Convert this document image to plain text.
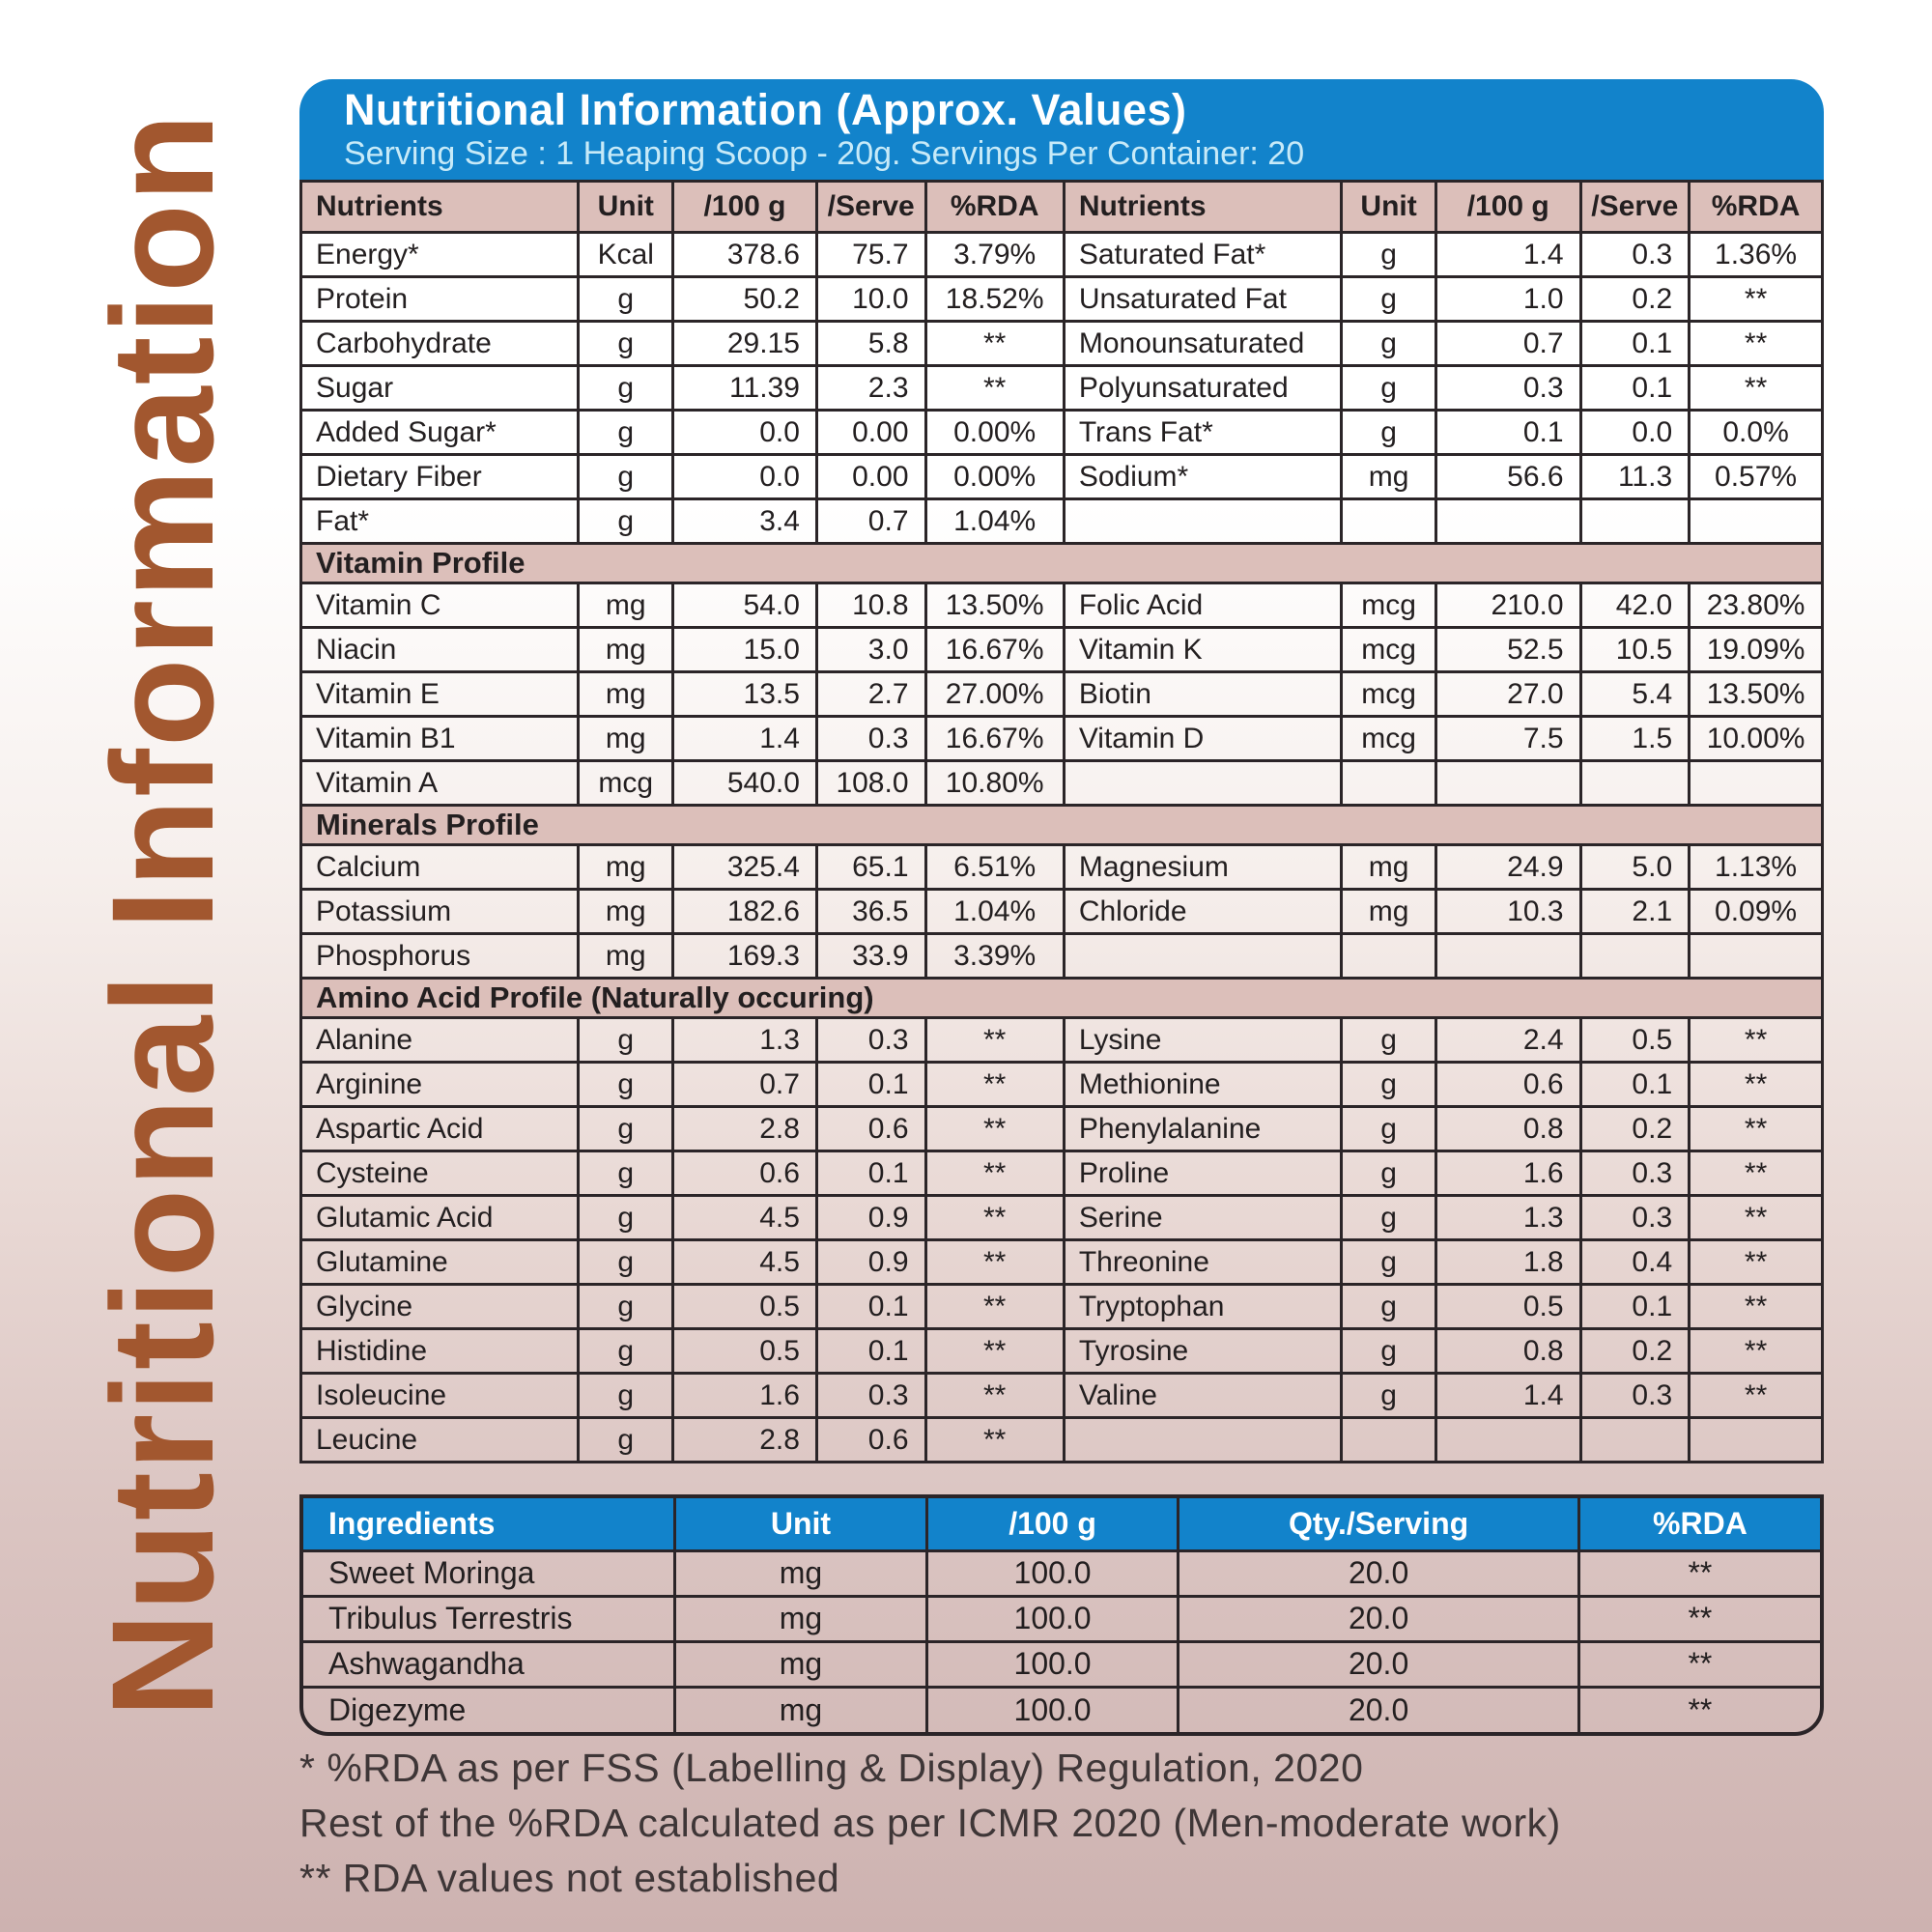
Nutritional Information
Nutritional Information (Approx. Values)
Serving Size : 1 Heaping Scoop - 20g. Servings Per Container: 20
Nutrients	Unit	/100 g	/Serve	%RDA	Nutrients	Unit	/100 g	/Serve	%RDA
Energy*	Kcal	378.6	75.7	3.79%	Saturated Fat*	g	1.4	0.3	1.36%
Protein	g	50.2	10.0	18.52%	Unsaturated Fat	g	1.0	0.2	**
Carbohydrate	g	29.15	5.8	**	Monounsaturated	g	0.7	0.1	**
Sugar	g	11.39	2.3	**	Polyunsaturated	g	0.3	0.1	**
Added Sugar*	g	0.0	0.00	0.00%	Trans Fat*	g	0.1	0.0	0.0%
Dietary Fiber	g	0.0	0.00	0.00%	Sodium*	mg	56.6	11.3	0.57%
Fat*	g	3.4	0.7	1.04%					
Vitamin Profile									
Vitamin C	mg	54.0	10.8	13.50%	Folic Acid	mcg	210.0	42.0	23.80%
Niacin	mg	15.0	3.0	16.67%	Vitamin K	mcg	52.5	10.5	19.09%
Vitamin E	mg	13.5	2.7	27.00%	Biotin	mcg	27.0	5.4	13.50%
Vitamin B1	mg	1.4	0.3	16.67%	Vitamin D	mcg	7.5	1.5	10.00%
Vitamin A	mcg	540.0	108.0	10.80%					
Minerals Profile									
Calcium	mg	325.4	65.1	6.51%	Magnesium	mg	24.9	5.0	1.13%
Potassium	mg	182.6	36.5	1.04%	Chloride	mg	10.3	2.1	0.09%
Phosphorus	mg	169.3	33.9	3.39%					
Amino Acid Profile (Naturally occuring)									
Alanine	g	1.3	0.3	**	Lysine	g	2.4	0.5	**
Arginine	g	0.7	0.1	**	Methionine	g	0.6	0.1	**
Aspartic Acid	g	2.8	0.6	**	Phenylalanine	g	0.8	0.2	**
Cysteine	g	0.6	0.1	**	Proline	g	1.6	0.3	**
Glutamic Acid	g	4.5	0.9	**	Serine	g	1.3	0.3	**
Glutamine	g	4.5	0.9	**	Threonine	g	1.8	0.4	**
Glycine	g	0.5	0.1	**	Tryptophan	g	0.5	0.1	**
Histidine	g	0.5	0.1	**	Tyrosine	g	0.8	0.2	**
Isoleucine	g	1.6	0.3	**	Valine	g	1.4	0.3	**
Leucine	g	2.8	0.6	**					
Ingredients	Unit	/100 g	Qty./Serving	%RDA
Sweet Moringa	mg	100.0	20.0	**
Tribulus Terrestris	mg	100.0	20.0	**
Ashwagandha	mg	100.0	20.0	**
Digezyme	mg	100.0	20.0	**
* %RDA as per FSS (Labelling & Display) Regulation, 2020
Rest of the %RDA calculated as per ICMR 2020 (Men-moderate work)
** RDA values not established
